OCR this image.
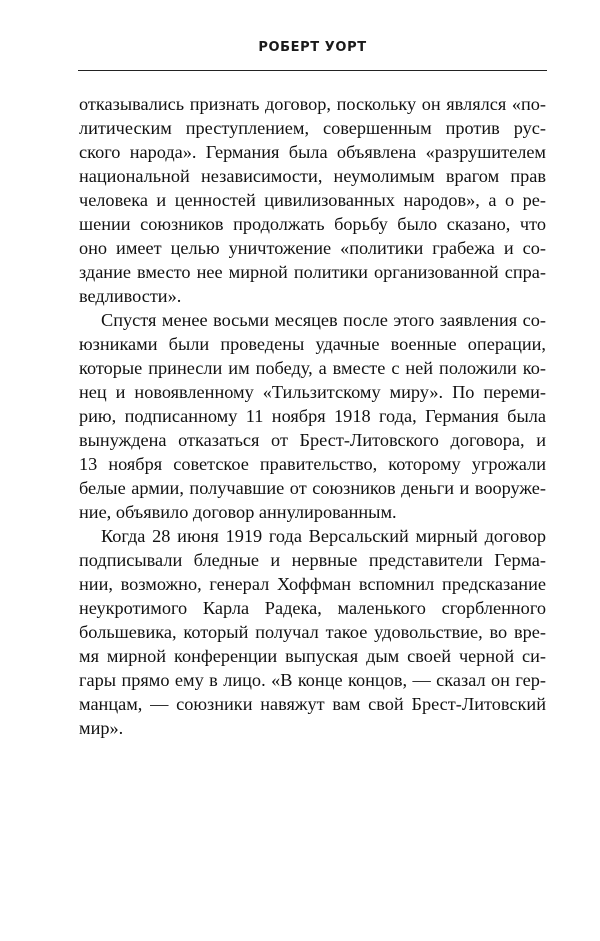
РОБЕРТ УОРТ
отказывались признать договор, поскольку он являлся «по-
литическим преступлением, совершенным против рус-
ского народа». Германия была объявлена «разрушителем
национальной независимости, неумолимым врагом прав
человека и ценностей цивилизованных народов», а о ре-
шении союзников продолжать борьбу было сказано, что
оно имеет целью уничтожение «политики грабежа и со-
здание вместо нее мирной политики организованной спра-
ведливости».
Спустя менее восьми месяцев после этого заявления со-
юзниками были проведены удачные военные операции,
которые принесли им победу, а вместе с ней положили ко-
нец и новоявленному «Тильзитскому миру». По переми-
рию, подписанному 11 ноября 1918 года, Германия была
вынуждена отказаться от Брест-Литовского договора, и
13 ноября советское правительство, которому угрожали
белые армии, получавшие от союзников деньги и вооруже-
ние, объявило договор аннулированным.
Когда 28 июня 1919 года Версальский мирный договор
подписывали бледные и нервные представители Герма-
нии, возможно, генерал Хоффман вспомнил предсказание
неукротимого Карла Радека, маленького сгорбленного
большевика, который получал такое удовольствие, во вре-
мя мирной конференции выпуская дым своей черной си-
гары прямо ему в лицо. «В конце концов, — сказал он гер-
манцам, — союзники навяжут вам свой Брест-Литовский
мир».
